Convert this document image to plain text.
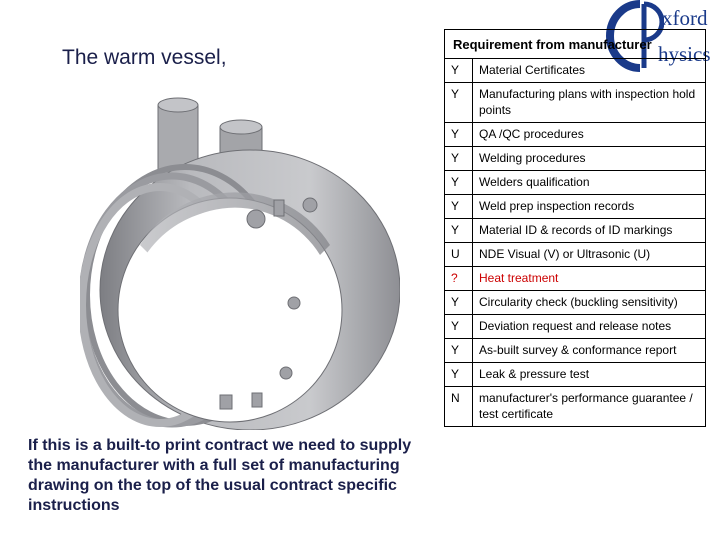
The warm vessel,
If this is a built-to print contract we need to supply the manufacturer with a full set of manufacturing drawing on the top of the usual contract specific instructions
xford
hysics
Requirement from manufacturer
Y	Material Certificates
Y	Manufacturing plans with inspection hold points
Y	QA /QC procedures
Y	Welding procedures
Y	Welders qualification
Y	Weld prep inspection records
Y	Material ID & records of ID markings
U	NDE Visual (V) or Ultrasonic (U)
?	Heat treatment
Y	Circularity check (buckling sensitivity)
Y	Deviation request and release notes
Y	As-built survey & conformance report
Y	Leak & pressure test
N	manufacturer's performance guarantee / test certificate
